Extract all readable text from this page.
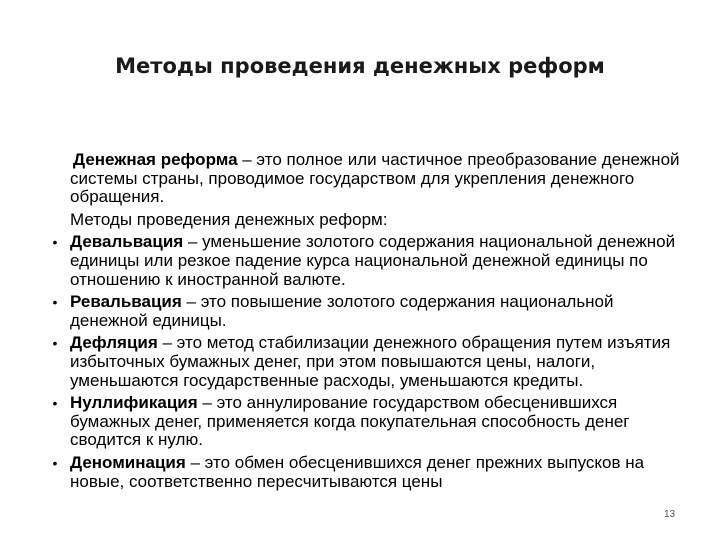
Методы проведения денежных реформ

Денежная реформа – это полное или частичное преобразование денежной системы страны, проводимое государством для укрепления денежного обращения.

Методы проведения денежных реформ:

• Девальвация – уменьшение золотого содержания национальной денежной единицы или резкое падение курса национальной денежной единицы по отношению к иностранной валюте.
• Ревальвация – это повышение золотого содержания национальной денежной единицы.
• Дефляция – это метод стабилизации денежного обращения путем изъятия избыточных бумажных денег, при этом повышаются цены, налоги, уменьшаются государственные расходы, уменьшаются кредиты.
• Нуллификация – это аннулирование государством обесценившихся бумажных денег, применяется когда покупательная способность денег сводится к нулю.
• Деноминация – это обмен обесценившихся денег прежних выпусков на новые, соответственно пересчитываются цены
13
